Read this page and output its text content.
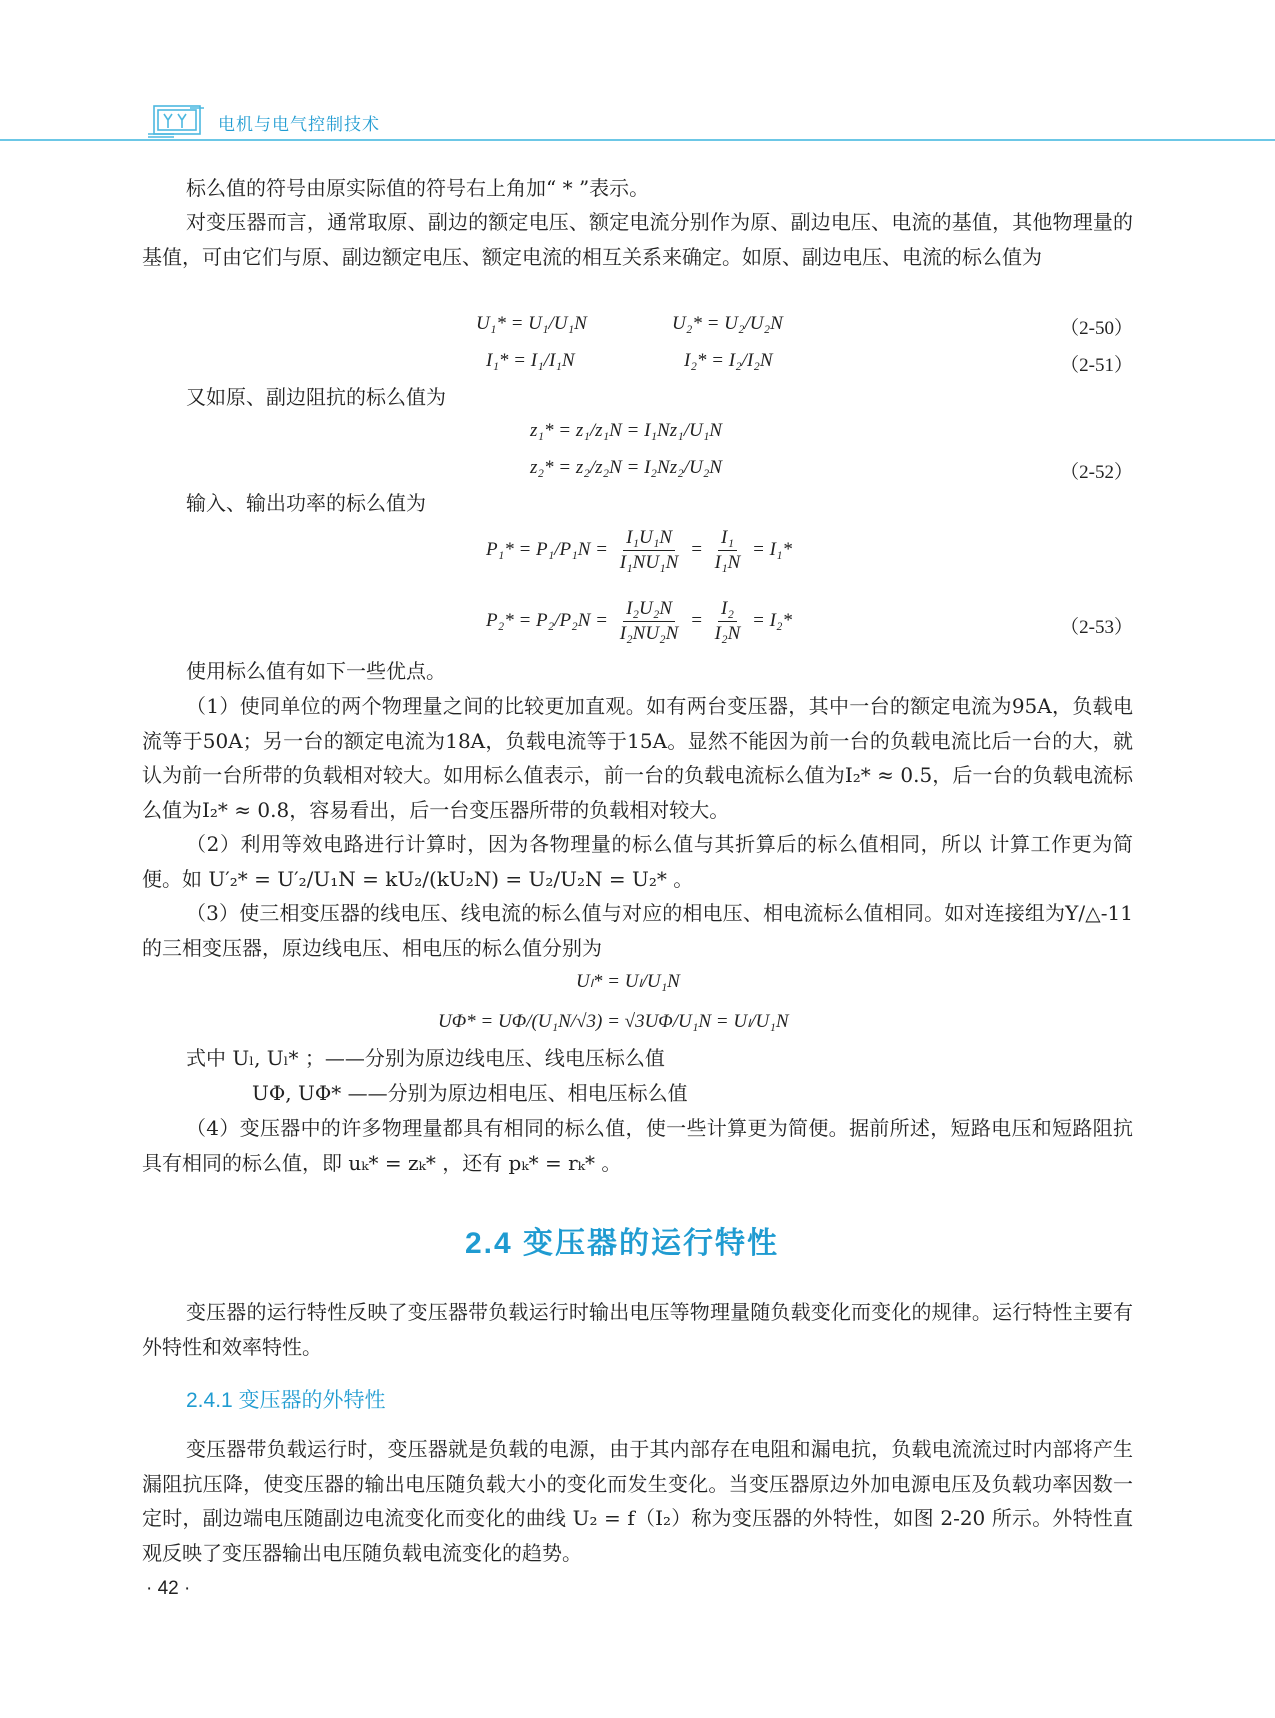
电机与电气控制技术
标么值的符号由原实际值的符号右上角加“ * ”表示。
对变压器而言，通常取原、副边的额定电压、额定电流分别作为原、副边电压、电流的基值，其他物理量的基值，可由它们与原、副边额定电压、额定电流的相互关系来确定。如原、副边电压、电流的标么值为
U₁* = U₁/U₁N	U₂* = U₂/U₂N	（2-50）
I₁* = I₁/I₁N	I₂* = I₂/I₂N	（2-51）
又如原、副边阻抗的标么值为
z₁* = z₁/z₁N = I₁Nz₁/U₁N
z₂* = z₂/z₂N = I₂Nz₂/U₂N	（2-52）
输入、输出功率的标么值为
$P_1* = P_1/P_1N = \frac{\text{I₁U₁N}}{\text{I₁NU₁N}} = \frac{\text{I₁}}{\text{I₁N}} = I_1*$
$P_2* = P_2/P_2N = \frac{\text{I₂U₂N}}{\text{I₂NU₂N}} = \frac{\text{I₂}}{\text{I₂N}} = I_2*$	（2-53）
使用标么值有如下一些优点。
（1）使同单位的两个物理量之间的比较更加直观。如有两台变压器，其中一台的额定电流为95A，负载电流等于50A；另一台的额定电流为18A，负载电流等于15A。显然不能因为前一台的负载电流比后一台的大，就认为前一台所带的负载相对较大。如用标么值表示，前一台的负载电流标么值为I₂* ≈ 0.5，后一台的负载电流标么值为I₂* ≈ 0.8，容易看出，后一台变压器所带的负载相对较大。
（2）利用等效电路进行计算时，因为各物理量的标么值与其折算后的标么值相同，所以 计算工作更为简便。如 U′₂* = U′₂/U₁N = kU₂/(kU₂N) = U₂/U₂N = U₂* 。
（3）使三相变压器的线电压、线电流的标么值与对应的相电压、相电流标么值相同。如对连接组为Y/△-11 的三相变压器，原边线电压、相电压的标么值分别为
Uₗ* = Uₗ/U₁N
UΦ* = UΦ/(U₁N/√3) = √3UΦ/U₁N = Uₗ/U₁N
式中 Uₗ, Uₗ* ；——分别为原边线电压、线电压标么值
UΦ, UΦ* ——分别为原边相电压、相电压标么值
（4）变压器中的许多物理量都具有相同的标么值，使一些计算更为简便。据前所述，短路电压和短路阻抗具有相同的标么值，即 uₖ* = zₖ* ，还有 pₖ* = rₖ* 。
2.4 变压器的运行特性
变压器的运行特性反映了变压器带负载运行时输出电压等物理量随负载变化而变化的规律。运行特性主要有外特性和效率特性。
2.4.1 变压器的外特性
变压器带负载运行时，变压器就是负载的电源，由于其内部存在电阻和漏电抗，负载电流流过时内部将产生漏阻抗压降，使变压器的输出电压随负载大小的变化而发生变化。当变压器原边外加电源电压及负载功率因数一定时，副边端电压随副边电流变化而变化的曲线 U₂ = f（I₂）称为变压器的外特性，如图 2-20 所示。外特性直观反映了变压器输出电压随负载电流变化的趋势。
· 42 ·
